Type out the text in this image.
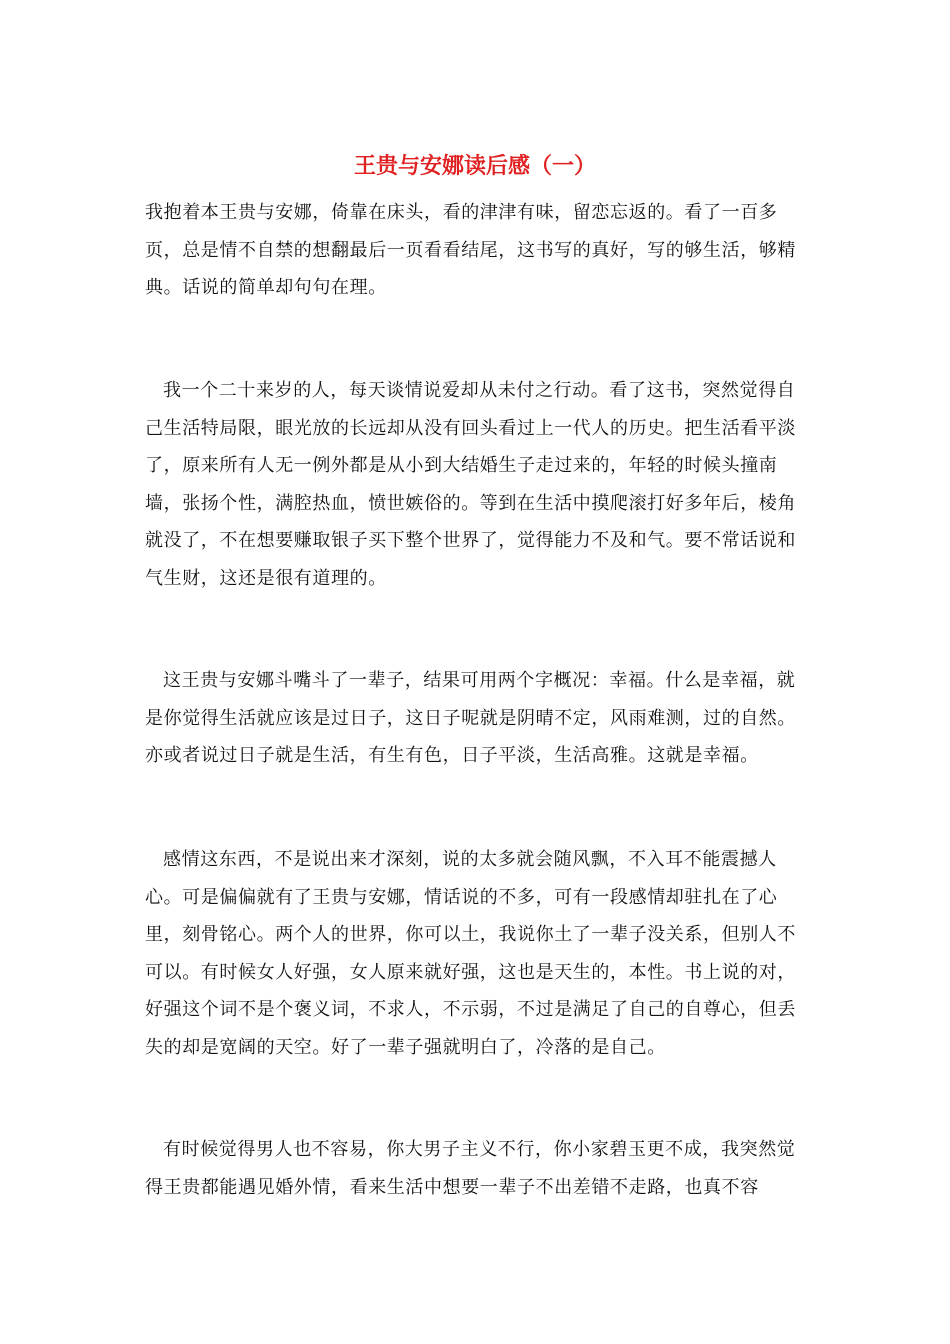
王贵与安娜读后感（一）

我抱着本王贵与安娜，倚靠在床头，看的津津有味，留恋忘返的。看了一百多页，总是情不自禁的想翻最后一页看看结尾，这书写的真好，写的够生活，够精典。话说的简单却句句在理。

我一个二十来岁的人，每天谈情说爱却从未付之行动。看了这书，突然觉得自己生活特局限，眼光放的长远却从没有回头看过上一代人的历史。把生活看平淡了，原来所有人无一例外都是从小到大结婚生子走过来的，年轻的时候头撞南墙，张扬个性，满腔热血，愤世嫉俗的。等到在生活中摸爬滚打好多年后，棱角就没了，不在想要赚取银子买下整个世界了，觉得能力不及和气。要不常话说和气生财，这还是很有道理的。

这王贵与安娜斗嘴斗了一辈子，结果可用两个字概况：幸福。什么是幸福，就是你觉得生活就应该是过日子，这日子呢就是阴晴不定，风雨难测，过的自然。亦或者说过日子就是生活，有生有色，日子平淡，生活高雅。这就是幸福。

感情这东西，不是说出来才深刻，说的太多就会随风飘，不入耳不能震撼人心。可是偏偏就有了王贵与安娜，情话说的不多，可有一段感情却驻扎在了心里，刻骨铭心。两个人的世界，你可以土，我说你土了一辈子没关系，但别人不可以。有时候女人好强，女人原来就好强，这也是天生的，本性。书上说的对，好强这个词不是个褒义词，不求人，不示弱，不过是满足了自己的自尊心，但丢失的却是宽阔的天空。好了一辈子强就明白了，冷落的是自己。

有时候觉得男人也不容易，你大男子主义不行，你小家碧玉更不成，我突然觉得王贵都能遇见婚外情，看来生活中想要一辈子不出差错不走路，也真不容
